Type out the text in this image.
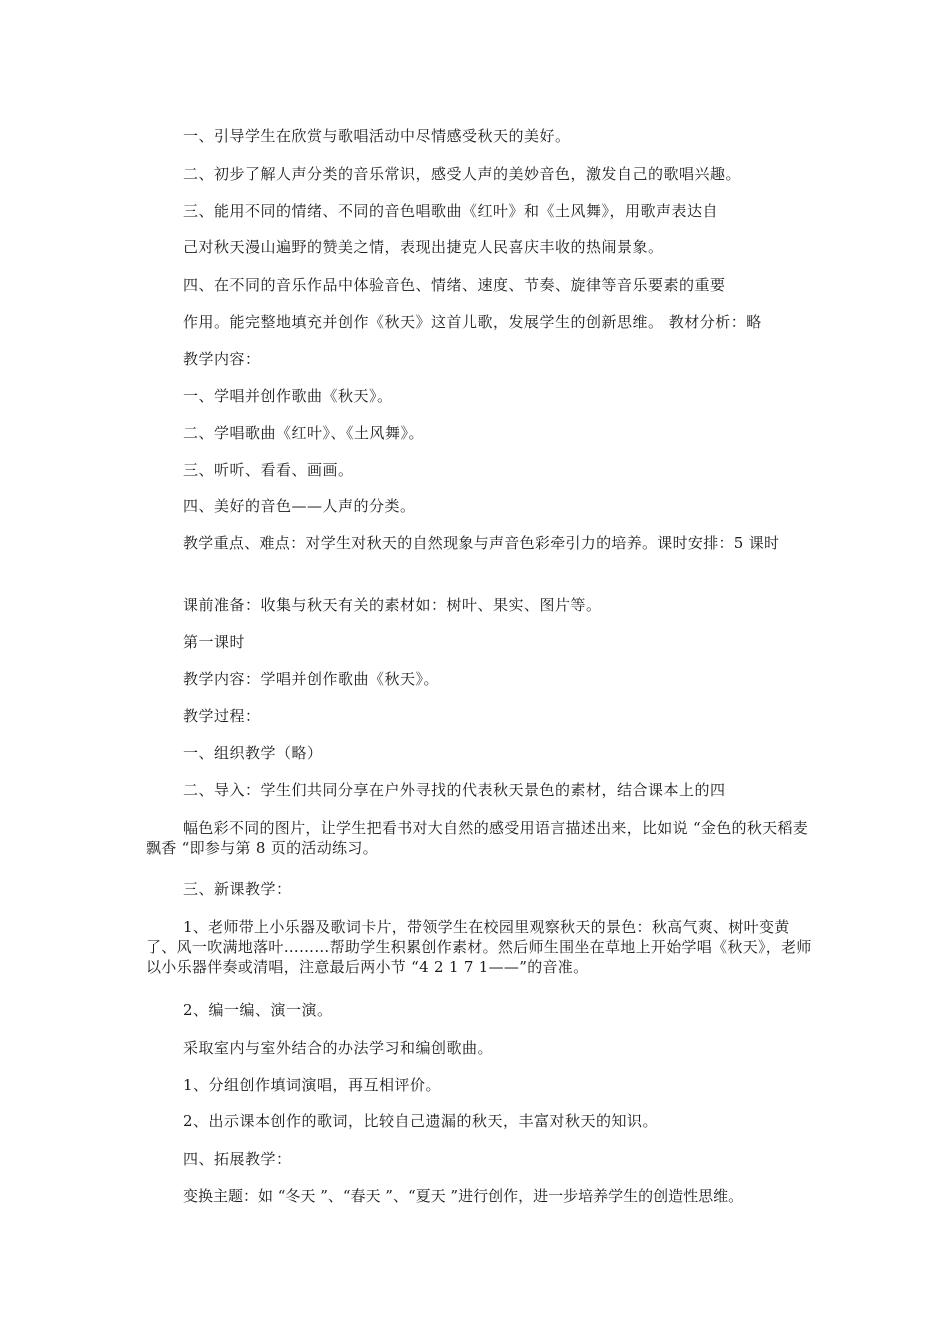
一、引导学生在欣赏与歌唱活动中尽情感受秋天的美好。
二、初步了解人声分类的音乐常识，感受人声的美妙音色，激发自己的歌唱兴趣。
三、能用不同的情绪、不同的音色唱歌曲《红叶》和《土风舞》，用歌声表达自
己对秋天漫山遍野的赞美之情，表现出捷克人民喜庆丰收的热闹景象。
四、在不同的音乐作品中体验音色、情绪、速度、节奏、旋律等音乐要素的重要
作用。能完整地填充并创作《秋天》这首儿歌，发展学生的创新思维。 教材分析：略
教学内容：
一、学唱并创作歌曲《秋天》。
二、学唱歌曲《红叶》、《土风舞》。
三、听听、看看、画画。
四、美好的音色——人声的分类。
教学重点、难点：对学生对秋天的自然现象与声音色彩牵引力的培养。课时安排：5 课时
课前准备：收集与秋天有关的素材如：树叶、果实、图片等。
第一课时
教学内容：学唱并创作歌曲《秋天》。
教学过程：
一、组织教学（略）
二、导入：学生们共同分享在户外寻找的代表秋天景色的素材，结合课本上的四
幅色彩不同的图片，让学生把看书对大自然的感受用语言描述出来，比如说 “金色的秋天稻麦飘香 “即参与第 8 页的活动练习。
三、新课教学：
1、老师带上小乐器及歌词卡片，带领学生在校园里观察秋天的景色：秋高气爽、树叶变黄了、风一吹满地落叶………帮助学生积累创作素材。然后师生围坐在草地上开始学唱《秋天》，老师以小乐器伴奏或清唱，注意最后两小节 “4 2 1 7 1——”的音准。
2、编一编、演一演。
采取室内与室外结合的办法学习和编创歌曲。
1、分组创作填词演唱，再互相评价。
2、出示课本创作的歌词，比较自己遗漏的秋天，丰富对秋天的知识。
四、拓展教学：
变换主题：如 “冬天 ”、“春天 ”、“夏天 ”进行创作，进一步培养学生的创造性思维。
